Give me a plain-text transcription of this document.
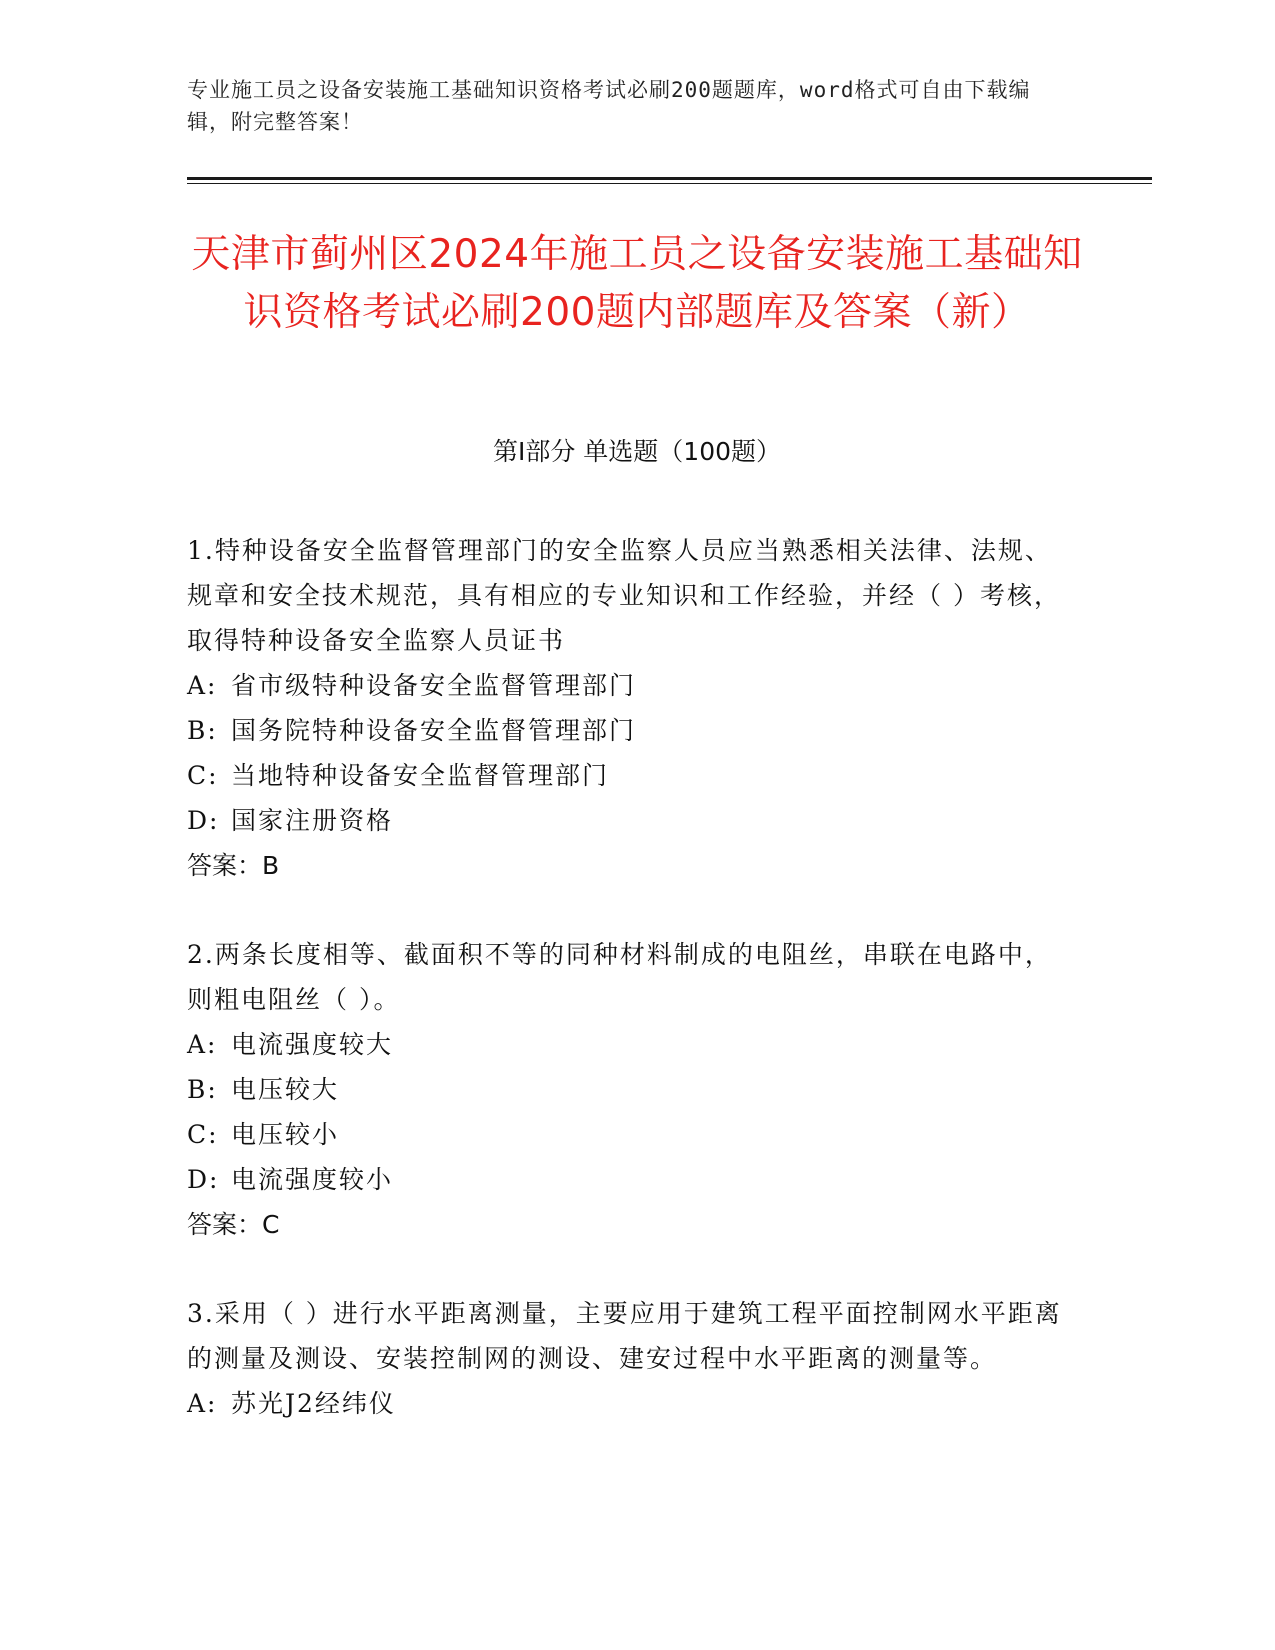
专业施工员之设备安装施工基础知识资格考试必刷200题题库，word格式可自由下载编辑，附完整答案！
天津市蓟州区2024年施工员之设备安装施工基础知识资格考试必刷200题内部题库及答案（新）
第I部分 单选题（100题）
1.特种设备安全监督管理部门的安全监察人员应当熟悉相关法律、法规、规章和安全技术规范，具有相应的专业知识和工作经验，并经（ ）考核，取得特种设备安全监察人员证书
A: 省市级特种设备安全监督管理部门
B: 国务院特种设备安全监督管理部门
C: 当地特种设备安全监督管理部门
D: 国家注册资格
答案：B
2.两条长度相等、截面积不等的同种材料制成的电阻丝，串联在电路中，则粗电阻丝（ ）。
A: 电流强度较大
B: 电压较大
C: 电压较小
D: 电流强度较小
答案：C
3.采用（ ）进行水平距离测量，主要应用于建筑工程平面控制网水平距离的测量及测设、安装控制网的测设、建安过程中水平距离的测量等。
A: 苏光J2经纬仪
